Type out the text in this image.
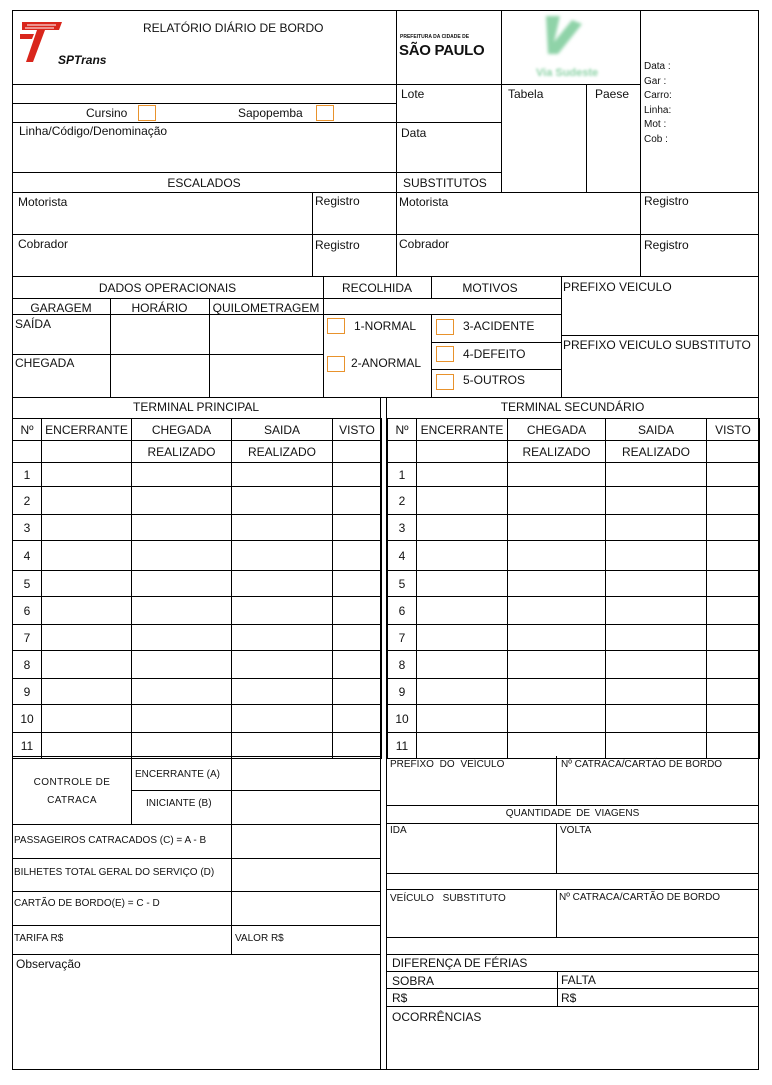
SPTrans
RELATÓRIO DIÁRIO DE BORDO
PREFEITURA DA CIDADE DE
SÃO PAULO
Via Sudeste
Data :
Gar :
Carro:
Linha:
Mot :
Cob :
Cursino	Sapopemba
Linha/Código/Denominação
Lote	Tabela	Paese
Data
ESCALADOS	SUBSTITUTOS
Motorista	Registro	Motorista	Registro
Cobrador	Registro	Cobrador	Registro
DADOS OPERACIONAIS	RECOLHIDA	MOTIVOS	PREFIXO VEICULO
PREFIXO VEICULO SUBSTITUTO
GARAGEM	HORÁRIO	QUILOMETRAGEM
SAÍDA
CHEGADA
1-NORMAL
2-ANORMAL
3-ACIDENTE
4-DEFEITO
5-OUTROS
TERMINAL PRINCIPAL
Nº	ENCERRANTE	CHEGADA	SAIDA	VISTO
		REALIZADO	REALIZADO	
1				
2				
3				
4				
5				
6				
7				
8				
9				
10				
11				
TERMINAL SECUNDÁRIO
Nº	ENCERRANTE	CHEGADA	SAIDA	VISTO
		REALIZADO	REALIZADO	
1				
2				
3				
4				
5				
6				
7				
8				
9				
10				
11				
CONTROLE DE CATRACA
ENCERRANTE (A)
INICIANTE (B)
PASSAGEIROS CATRACADOS (C) = A - B
BILHETES TOTAL GERAL DO SERVIÇO (D)
CARTÃO DE BORDO(E) = C - D
TARIFA R$	VALOR R$
Observação
PREFIXO DO VEÍCULO	Nº CATRACA/CARTÃO DE BORDO
QUANTIDADE DE VIAGENS
IDA	VOLTA
VEÍCULO SUBSTITUTO	Nº CATRACA/CARTÃO DE BORDO
DIFERENÇA DE FÉRIAS
SOBRA	FALTA
R$	R$
OCORRÊNCIAS
